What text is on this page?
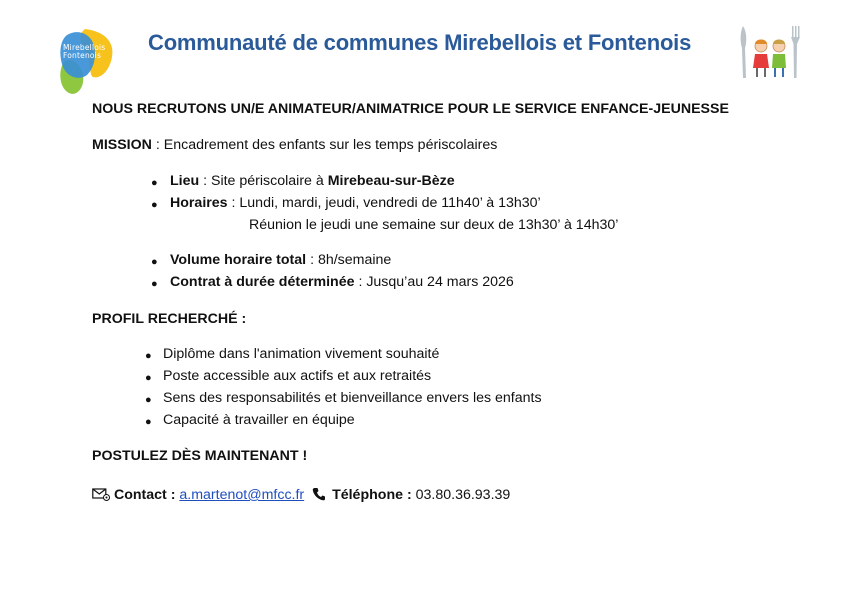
Mirebellois
Fontenois
Communauté de communes Mirebellois et Fontenois
NOUS RECRUTONS UN/E ANIMATEUR/ANIMATRICE POUR LE SERVICE ENFANCE-JEUNESSE
MISSION : Encadrement des enfants sur les temps périscolaires
● Lieu : Site périscolaire à Mirebeau-sur-Bèze
● Horaires : Lundi, mardi, jeudi, vendredi de 11h40’ à 13h30’
Réunion le jeudi une semaine sur deux de 13h30’ à 14h30’
● Volume horaire total : 8h/semaine
● Contrat à durée déterminée : Jusqu’au 24 mars 2026
PROFIL RECHERCHÉ :
● Diplôme dans l'animation vivement souhaité
● Poste accessible aux actifs et aux retraités
● Sens des responsabilités et bienveillance envers les enfants
● Capacité à travailler en équipe
POSTULEZ DÈS MAINTENANT !
Contact : a.martenot@mfcc.fr Téléphone : 03.80.36.93.39
